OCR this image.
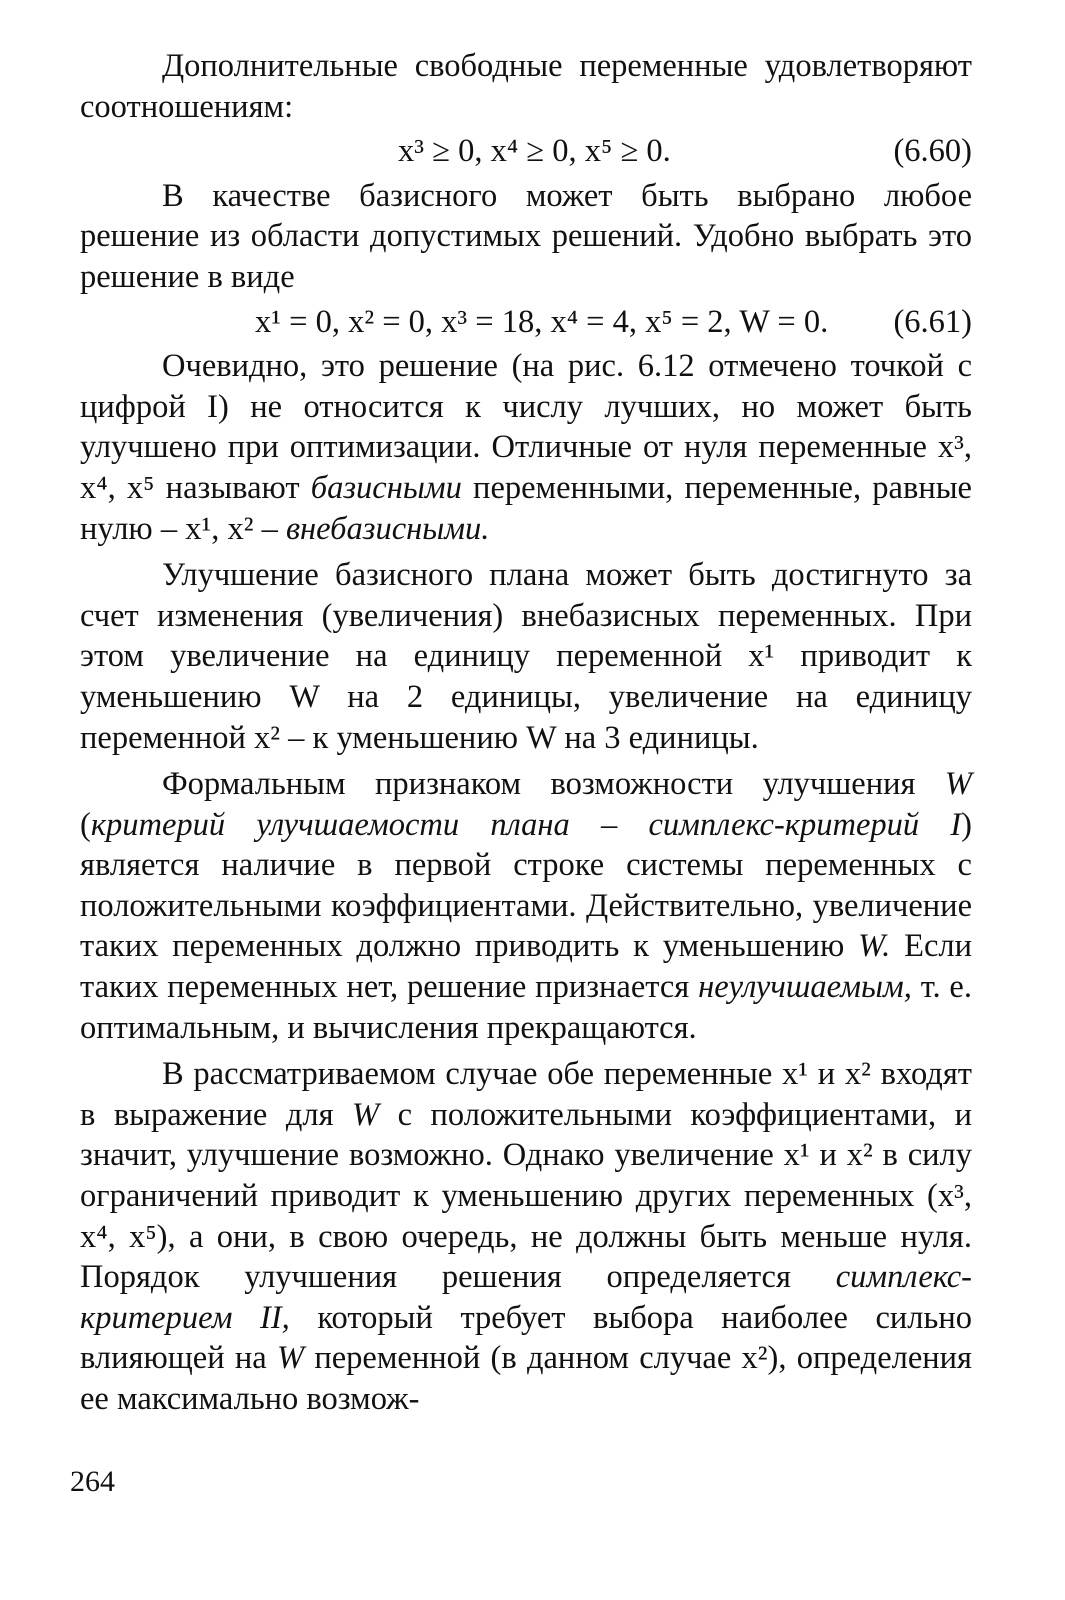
Дополнительные свободные переменные удовлетворяют соотношениям:

x³ ≥ 0, x⁴ ≥ 0, x⁵ ≥ 0.	(6.60)

В качестве базисного может быть выбрано любое решение из области допустимых решений. Удобно выбрать это решение в виде

x¹ = 0, x² = 0, x³ = 18, x⁴ = 4, x⁵ = 2, W = 0. (6.61)

Очевидно, это решение (на рис. 6.12 отмечено точкой с цифрой I) не относится к числу лучших, но может быть улучшено при оптимизации. Отличные от нуля переменные x³, x⁴, x⁵ называют базисными переменными, переменные, равные нулю – x¹, x² – внебазисными.

Улучшение базисного плана может быть достигнуто за счет изменения (увеличения) внебазисных переменных. При этом увеличение на единицу переменной x¹ приводит к уменьшению W на 2 единицы, увеличение на единицу переменной x² – к уменьшению W на 3 единицы.

Формальным признаком возможности улучшения W (критерий улучшаемости плана – симплекс-критерий I) является наличие в первой строке системы переменных с положительными коэффициентами. Действительно, увеличение таких переменных должно приводить к уменьшению W. Если таких переменных нет, решение признается неулучшаемым, т. е. оптимальным, и вычисления прекращаются.

В рассматриваемом случае обе переменные x¹ и x² входят в выражение для W с положительными коэффициентами, и значит, улучшение возможно. Однако увеличение x¹ и x² в силу ограничений приводит к уменьшению других переменных (x³, x⁴, x⁵), а они, в свою очередь, не должны быть меньше нуля. Порядок улучшения решения определяется симплекс-критерием II, который требует выбора наиболее сильно влияющей на W переменной (в данном случае x²), определения ее максимально возмож-

264
